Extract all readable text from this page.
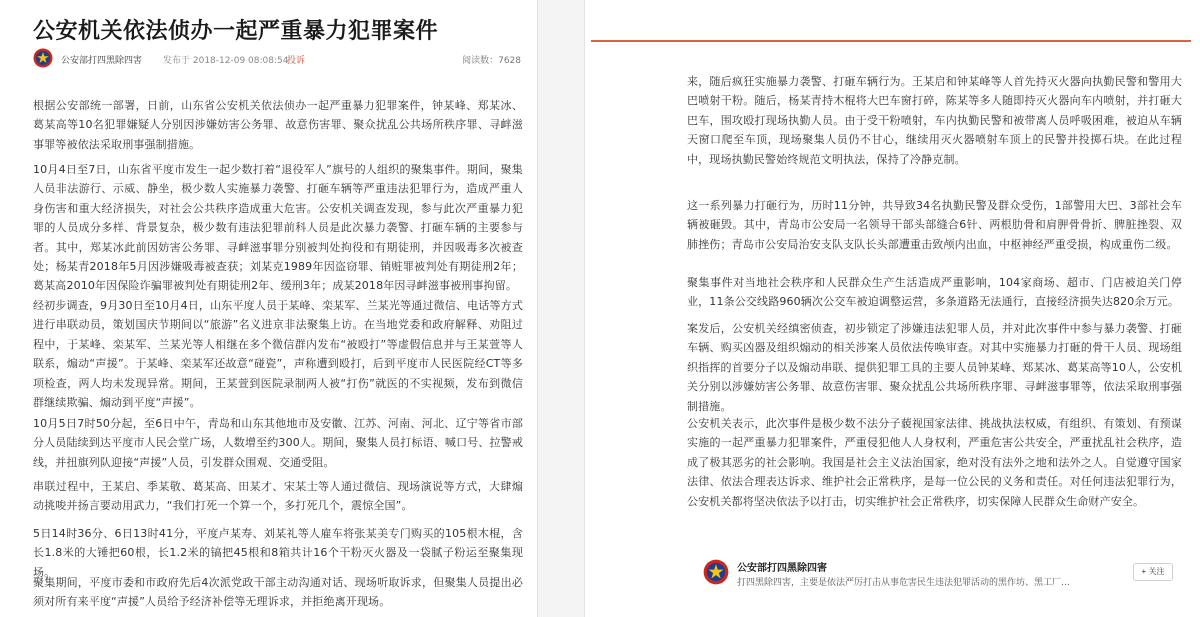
公安机关依法侦办一起严重暴力犯罪案件
公安部打四黑除四害 发布于 2018-12-09 08:08:54
投诉	阅读数：7628

根据公安部统一部署，日前，山东省公安机关依法侦办一起严重暴力犯罪案件，钟某峰、郑某冰、葛某高等10名犯罪嫌疑人分别因涉嫌妨害公务罪、故意伤害罪、聚众扰乱公共场所秩序罪、寻衅滋事罪等被依法采取刑事强制措施。

10月4日至7日，山东省平度市发生一起少数打着“退役军人”旗号的人组织的聚集事件。期间，聚集人员非法游行、示威、静坐，极少数人实施暴力袭警、打砸车辆等严重违法犯罪行为，造成严重人身伤害和重大经济损失，对社会公共秩序造成重大危害。公安机关调查发现，参与此次严重暴力犯罪的人员成分多样、背景复杂，极少数有违法犯罪前科人员是此次暴力袭警、打砸车辆的主要参与者。其中，郑某冰此前因妨害公务罪、寻衅滋事罪分别被判处拘役和有期徒刑，并因吸毒多次被查处；杨某青2018年5月因涉嫌吸毒被查获；刘某克1989年因盗窃罪、销赃罪被判处有期徒刑2年；葛某高2010年因保险诈骗罪被判处有期徒刑2年、缓刑3年；成某2018年因寻衅滋事被刑事拘留。

经初步调查，9月30日至10月4日，山东平度人员于某峰、栾某军、兰某光等通过微信、电话等方式进行串联动员，策划国庆节期间以“旅游”名义进京非法聚集上访。在当地党委和政府解释、劝阻过程中，于某峰、栾某军、兰某光等人相继在多个微信群内发布“被殴打”等虚假信息并与王某萱等人联系，煽动“声援”。于某峰、栾某军还故意“碰瓷”，声称遭到殴打，后到平度市人民医院经CT等多项检查，两人均未发现异常。期间，王某萱到医院录制两人被“打伤”就医的不实视频，发布到微信群继续欺骗、煽动到平度“声援”。

10月5日7时50分起，至6日中午，青岛和山东其他地市及安徽、江苏、河南、河北、辽宁等省市部分人员陆续到达平度市人民会堂广场，人数增至约300人。期间，聚集人员打标语、喊口号、拉警戒线，并扭旗列队迎接“声援”人员，引发群众围观、交通受阻。

串联过程中，王某启、季某敬、葛某高、田某才、宋某士等人通过微信、现场演说等方式，大肆煽动挑唆并扬言要动用武力，“我们打死一个算一个，多打死几个，震惊全国”。

5日14时36分、6日13时41分，平度卢某寿、刘某礼等人雇车将张某美专门购买的105根木棍，含长1.8米的大锤把60根，长1.2米的镐把45根和8箱共计16个干粉灭火器及一袋腻子粉运至聚集现场。

聚集期间，平度市委和市政府先后4次派党政干部主动沟通对话、现场听取诉求，但聚集人员提出必须对所有来平度“声援”人员给予经济补偿等无理诉求，并拒绝离开现场。

来，随后疯狂实施暴力袭警、打砸车辆行为。王某启和钟某峰等人首先持灭火器向执勤民警和警用大巴喷射干粉。随后，杨某青持木棍将大巴车窗打碎，陈某等多人随即持灭火器向车内喷射，并打砸大巴车，围攻殴打现场执勤人员。由于受干粉喷射，车内执勤民警和被带离人员呼吸困难，被迫从车辆天窗口爬至车顶，现场聚集人员仍不甘心，继续用灭火器喷射车顶上的民警并投掷石块。在此过程中，现场执勤民警始终规范文明执法，保持了冷静克制。

这一系列暴力打砸行为，历时11分钟，共导致34名执勤民警及群众受伤，1部警用大巴、3部社会车辆被砸毁。其中，青岛市公安局一名领导干部头部缝合6针、两根肋骨和肩胛骨骨折、脾脏挫裂、双肺挫伤；青岛市公安局治安支队支队长头部遭重击致颅内出血，中枢神经严重受损，构成重伤二级。

聚集事件对当地社会秩序和人民群众生产生活造成严重影响，104家商场、超市、门店被迫关门停业，11条公交线路960辆次公交车被迫调整运营，多条道路无法通行，直接经济损失达820余万元。

案发后，公安机关经缜密侦查，初步锁定了涉嫌违法犯罪人员，并对此次事件中参与暴力袭警、打砸车辆、购买凶器及组织煽动的相关涉案人员依法传唤审查。对其中实施暴力打砸的骨干人员、现场组织指挥的首要分子以及煽动串联、提供犯罪工具的主要人员钟某峰、郑某冰、葛某高等10人，公安机关分别以涉嫌妨害公务罪、故意伤害罪、聚众扰乱公共场所秩序罪、寻衅滋事罪等，依法采取刑事强制措施。

公安机关表示，此次事件是极少数不法分子藐视国家法律、挑战执法权威，有组织、有策划、有预谋实施的一起严重暴力犯罪案件，严重侵犯他人人身权利，严重危害公共安全，严重扰乱社会秩序，造成了极其恶劣的社会影响。我国是社会主义法治国家，绝对没有法外之地和法外之人。自觉遵守国家法律、依法合理表达诉求、维护社会正常秩序，是每一位公民的义务和责任。对任何违法犯罪行为，公安机关都将坚决依法予以打击，切实维护社会正常秩序，切实保障人民群众生命财产安全。

公安部打四黑除四害
打四黑除四害，主要是依法严厉打击从事危害民生违法犯罪活动的黑作坊、黑工厂…
+ 关注
